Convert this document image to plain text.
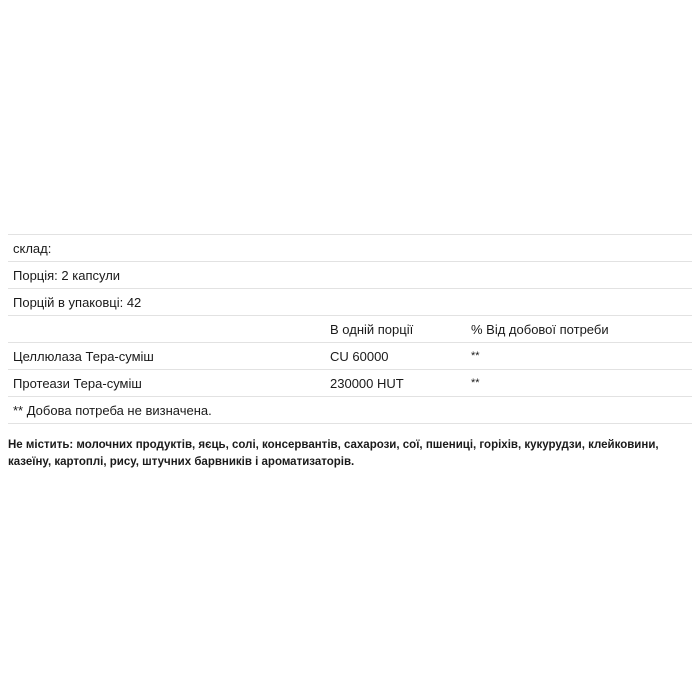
склад:		
Порція: 2 капсули		
Порцій в упаковці: 42		
	В одній порції	% Від добової потреби
Целлюлаза Тера-суміш	CU 60000	**
Протеази Тера-суміш	230000 HUT	**
** Добова потреба не визначена.		

Не містить: молочних продуктів, яєць, солі, консервантів, сахарози, сої, пшениці, горіхів, кукурудзи, клейковини, казеїну, картоплі, рису, штучних барвників і ароматизаторів.
